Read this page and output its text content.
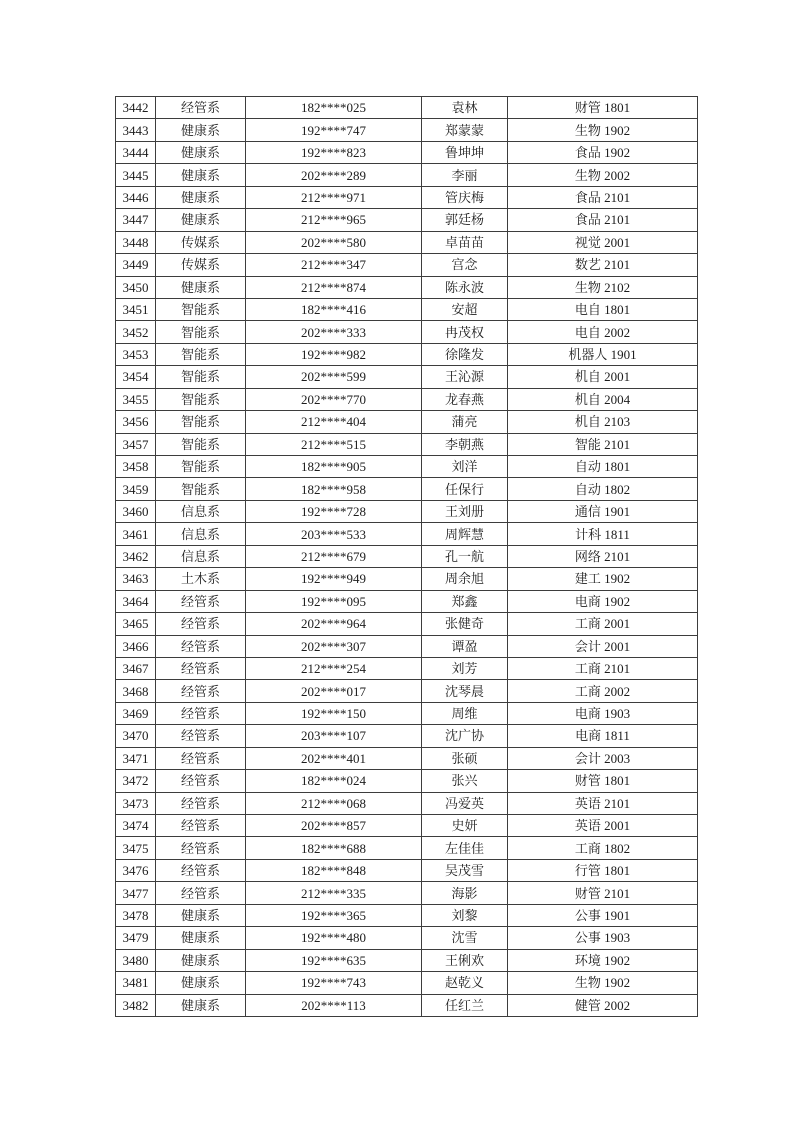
3442	经管系	182****025	袁林	财管 1801
3443	健康系	192****747	郑蒙蒙	生物 1902
3444	健康系	192****823	鲁坤坤	食品 1902
3445	健康系	202****289	李丽	生物 2002
3446	健康系	212****971	管庆梅	食品 2101
3447	健康系	212****965	郭廷杨	食品 2101
3448	传媒系	202****580	卓苗苗	视觉 2001
3449	传媒系	212****347	宫念	数艺 2101
3450	健康系	212****874	陈永波	生物 2102
3451	智能系	182****416	安超	电自 1801
3452	智能系	202****333	冉茂权	电自 2002
3453	智能系	192****982	徐隆发	机器人 1901
3454	智能系	202****599	王沁源	机自 2001
3455	智能系	202****770	龙春燕	机自 2004
3456	智能系	212****404	蒲亮	机自 2103
3457	智能系	212****515	李朝燕	智能 2101
3458	智能系	182****905	刘洋	自动 1801
3459	智能系	182****958	任保行	自动 1802
3460	信息系	192****728	王刘册	通信 1901
3461	信息系	203****533	周辉慧	计科 1811
3462	信息系	212****679	孔一航	网络 2101
3463	土木系	192****949	周余旭	建工 1902
3464	经管系	192****095	郑鑫	电商 1902
3465	经管系	202****964	张健奇	工商 2001
3466	经管系	202****307	谭盈	会计 2001
3467	经管系	212****254	刘芳	工商 2101
3468	经管系	202****017	沈琴晨	工商 2002
3469	经管系	192****150	周维	电商 1903
3470	经管系	203****107	沈广协	电商 1811
3471	经管系	202****401	张硕	会计 2003
3472	经管系	182****024	张兴	财管 1801
3473	经管系	212****068	冯爱英	英语 2101
3474	经管系	202****857	史妍	英语 2001
3475	经管系	182****688	左佳佳	工商 1802
3476	经管系	182****848	吴茂雪	行管 1801
3477	经管系	212****335	海影	财管 2101
3478	健康系	192****365	刘黎	公事 1901
3479	健康系	192****480	沈雪	公事 1903
3480	健康系	192****635	王俐欢	环境 1902
3481	健康系	192****743	赵乾义	生物 1902
3482	健康系	202****113	任红兰	健管 2002
